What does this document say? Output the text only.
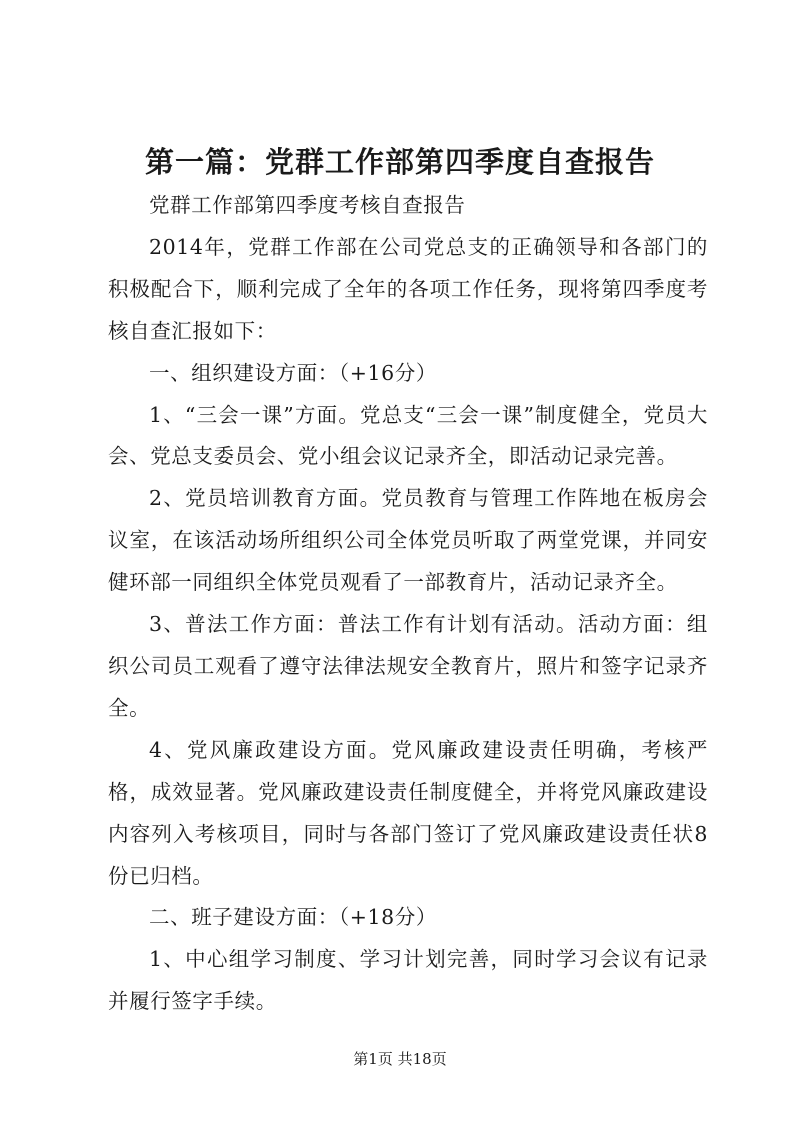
第一篇：党群工作部第四季度自查报告

党群工作部第四季度考核自查报告

2014年，党群工作部在公司党总支的正确领导和各部门的积极配合下，顺利完成了全年的各项工作任务，现将第四季度考核自查汇报如下：

一、组织建设方面：（+16分）

1、“三会一课”方面。党总支“三会一课”制度健全，党员大会、党总支委员会、党小组会议记录齐全，即活动记录完善。

2、党员培训教育方面。党员教育与管理工作阵地在板房会议室，在该活动场所组织公司全体党员听取了两堂党课，并同安健环部一同组织全体党员观看了一部教育片，活动记录齐全。

3、普法工作方面：普法工作有计划有活动。活动方面：组织公司员工观看了遵守法律法规安全教育片，照片和签字记录齐全。

4、党风廉政建设方面。党风廉政建设责任明确，考核严格，成效显著。党风廉政建设责任制度健全，并将党风廉政建设内容列入考核项目，同时与各部门签订了党风廉政建设责任状8份已归档。

二、班子建设方面：（+18分）

1、中心组学习制度、学习计划完善，同时学习会议有记录并履行签字手续。

第1页 共18页
